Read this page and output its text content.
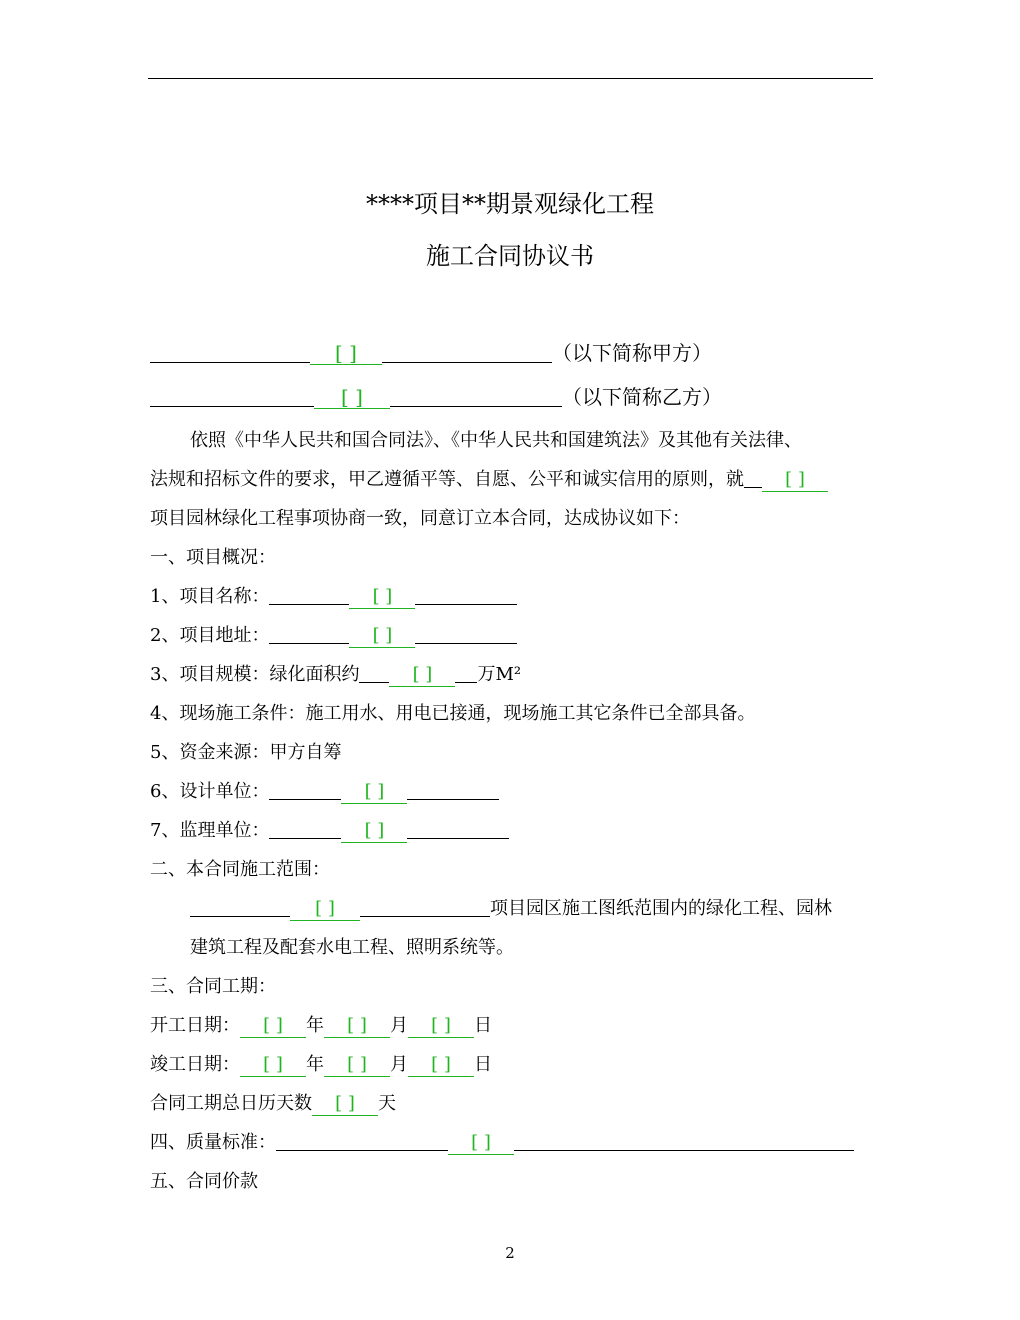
****项目**期景观绿化工程
施工合同协议书
[ ]	（以下简称甲方）
[ ]	（以下简称乙方）
依照《中华人民共和国合同法》、《中华人民共和国建筑法》及其他有关法律、
法规和招标文件的要求，甲乙遵循平等、自愿、公平和诚实信用的原则，就 [ ]
项目园林绿化工程事项协商一致，同意订立本合同，达成协议如下：
一、项目概况：
1、项目名称：	[ ]
2、项目地址：	[ ]
3、项目规模：绿化面积约	[ ]	万M²
4、现场施工条件：施工用水、用电已接通，现场施工其它条件已全部具备。
5、资金来源：甲方自筹
6、设计单位：	[ ]
7、监理单位：	[ ]
二、本合同施工范围：
[ ]	项目园区施工图纸范围内的绿化工程、园林
建筑工程及配套水电工程、照明系统等。
三、合同工期：
开工日期： [ ] 年 [ ] 月 [ ] 日
竣工日期： [ ] 年 [ ] 月 [ ] 日
合同工期总日历天数 [ ] 天
四、质量标准：	[ ]
五、合同价款
2
